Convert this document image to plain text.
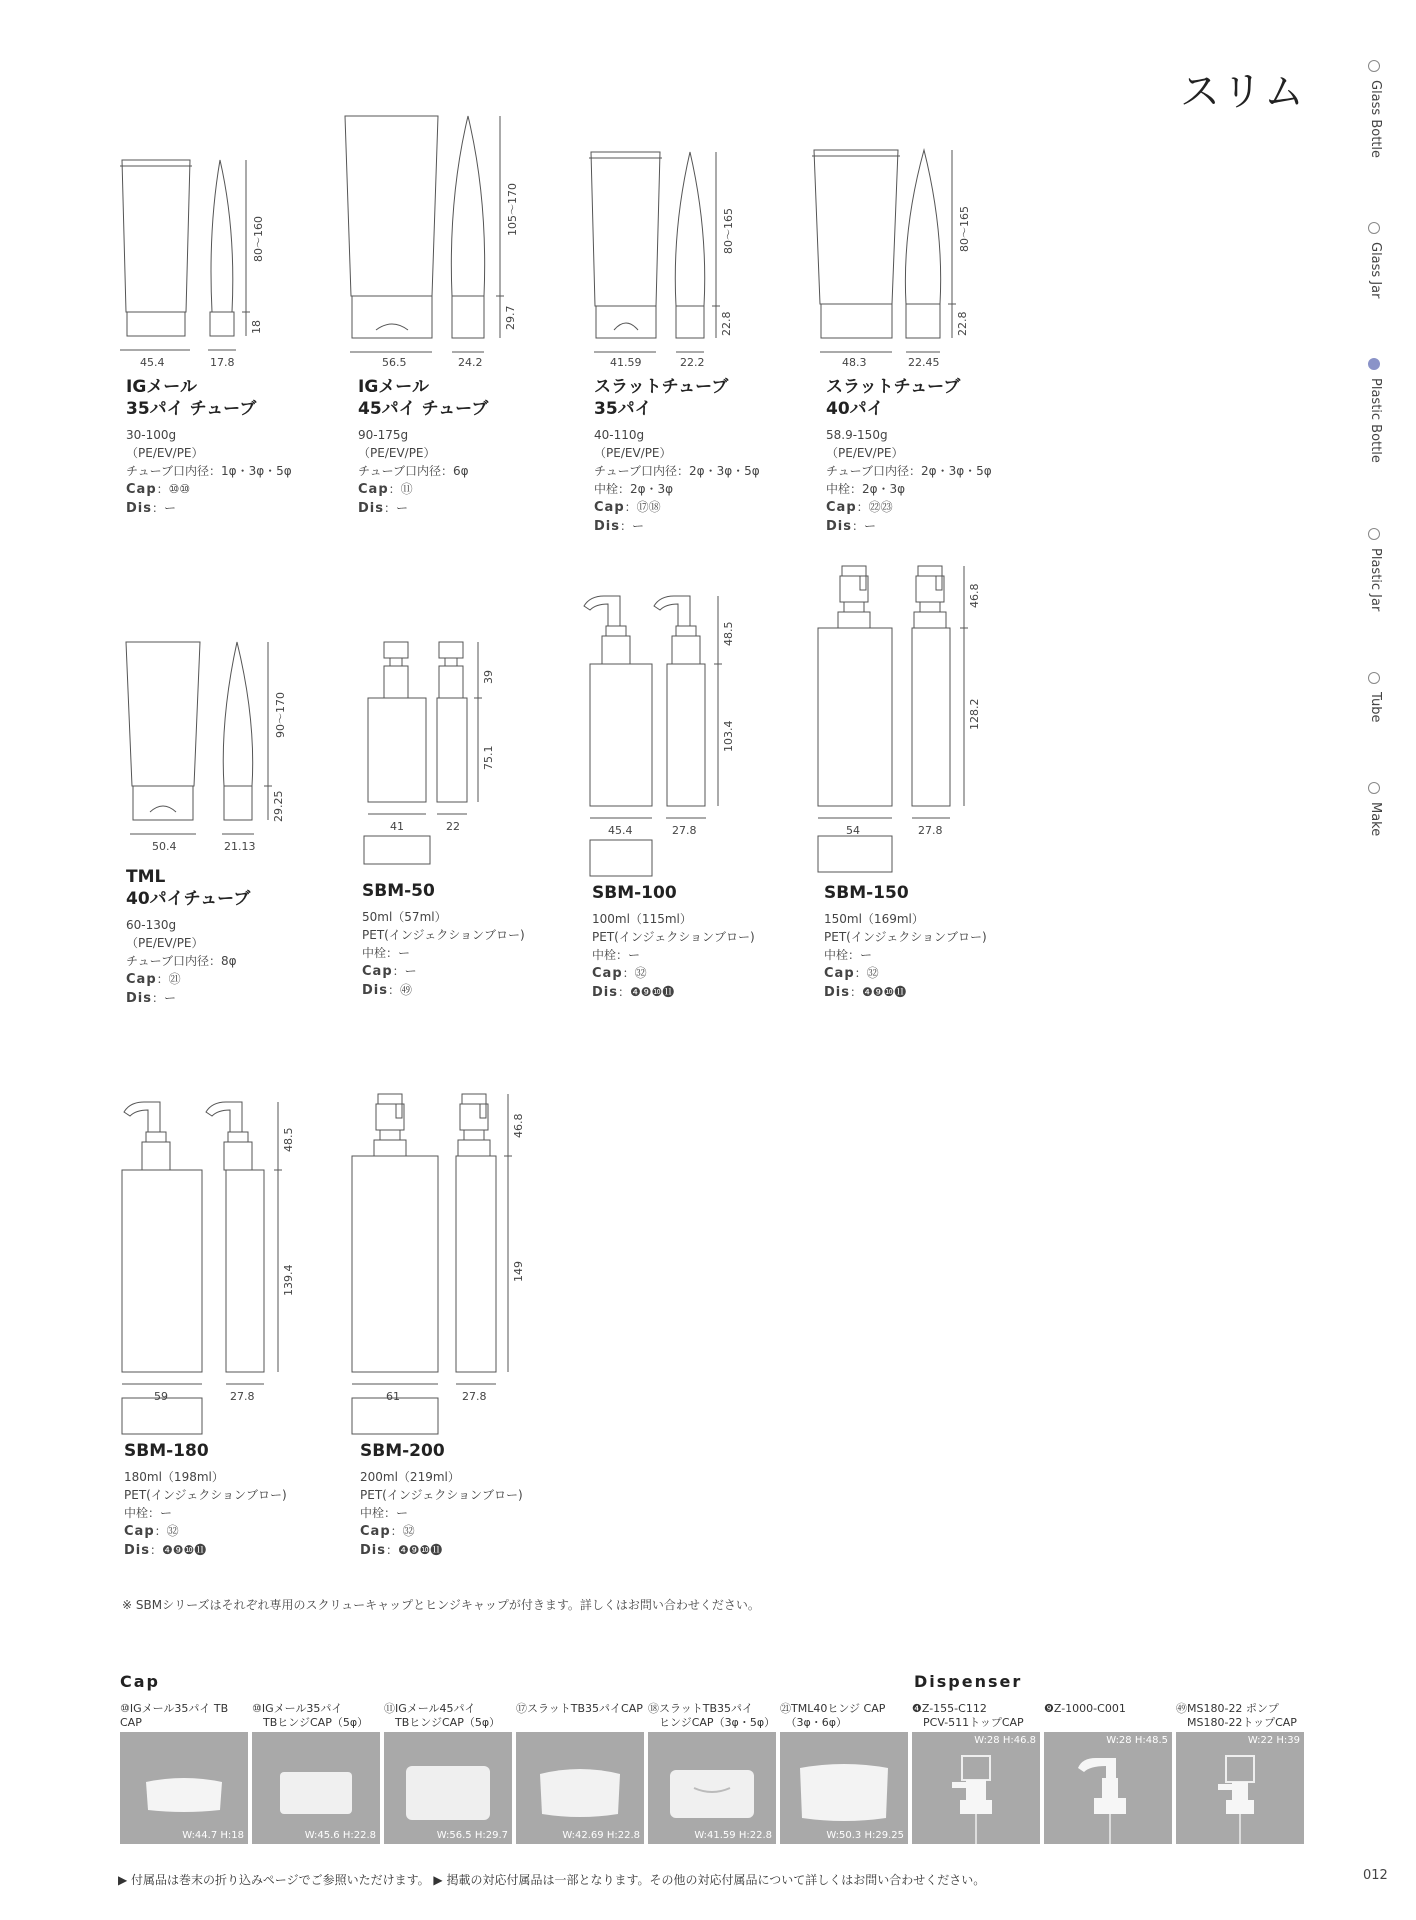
スリム	Glass Bottle
Glass Jar
Plastic Bottle
Plastic Jar
Tube
Make
45.4	17.8
80～160
18
56.5	24.2
105～170
29.7
41.59	22.2
80～165
22.8
48.3	22.45
80～165
22.8
50.4	21.13
90～170
29.25
41	22
39
75.1
45.4	27.8
48.5
103.4
54	27.8
46.8
128.2
59	27.8
48.5
139.4
61	27.8
46.8
149
IGメール
35パイ チューブ
30-100g
（PE/EV/PE）
チューブ口内径：1φ・3φ・5φ
Cap：⑩⑩
Dis：ー
IGメール
45パイ チューブ
90-175g
（PE/EV/PE）
チューブ口内径：6φ
Cap：⑪
Dis：ー
スラットチューブ
35パイ
40-110g
（PE/EV/PE）
チューブ口内径：2φ・3φ・5φ
中栓：2φ・3φ
Cap：⑰⑱
Dis：ー
スラットチューブ
40パイ
58.9-150g
（PE/EV/PE）
チューブ口内径：2φ・3φ・5φ
中栓：2φ・3φ
Cap：㉒㉓
Dis：ー
TML
40パイチューブ
60-130g
（PE/EV/PE）
チューブ口内径：8φ
Cap：㉑
Dis：ー
SBM-50
50ml（57ml）
PET(インジェクションブロー)
中栓：ー
Cap：ー
Dis：㊾
SBM-100
100ml（115ml）
PET(インジェクションブロー)
中栓：ー
Cap：㉜
Dis：❹❾❿⓫
SBM-150
150ml（169ml）
PET(インジェクションブロー)
中栓：ー
Cap：㉜
Dis：❹❾❿⓫
SBM-180
180ml（198ml）
PET(インジェクションブロー)
中栓：ー
Cap：㉜
Dis：❹❾❿⓫
SBM-200
200ml（219ml）
PET(インジェクションブロー)
中栓：ー
Cap：㉜
Dis：❹❾❿⓫
※ SBMシリーズはそれぞれ専用のスクリューキャップとヒンジキャップが付きます。詳しくはお問い合わせください。
Cap	Dispenser
⑩IGメール35パイ TB CAP
W:44.7 H:18
⑩IGメール35パイ
　TBヒンジCAP（5φ）
W:45.6 H:22.8
⑪IGメール45パイ
　TBヒンジCAP（5φ）
W:56.5 H:29.7
⑰スラットTB35パイCAP
W:42.69 H:22.8
⑱スラットTB35パイ
　ヒンジCAP（3φ・5φ）
W:41.59 H:22.8
㉑TML40ヒンジ CAP
　（3φ・6φ）
W:50.3 H:29.25
❹Z-155-C112
　PCV-511トップCAP
W:28 H:46.8
❾Z-1000-C001
W:28 H:48.5
㊾MS180-22 ポンプ
　MS180-22トップCAP
W:22 H:39
▶ 付属品は巻末の折り込みページでご参照いただけます。 ▶ 掲載の対応付属品は一部となります。その他の対応付属品について詳しくはお問い合わせください。	012
